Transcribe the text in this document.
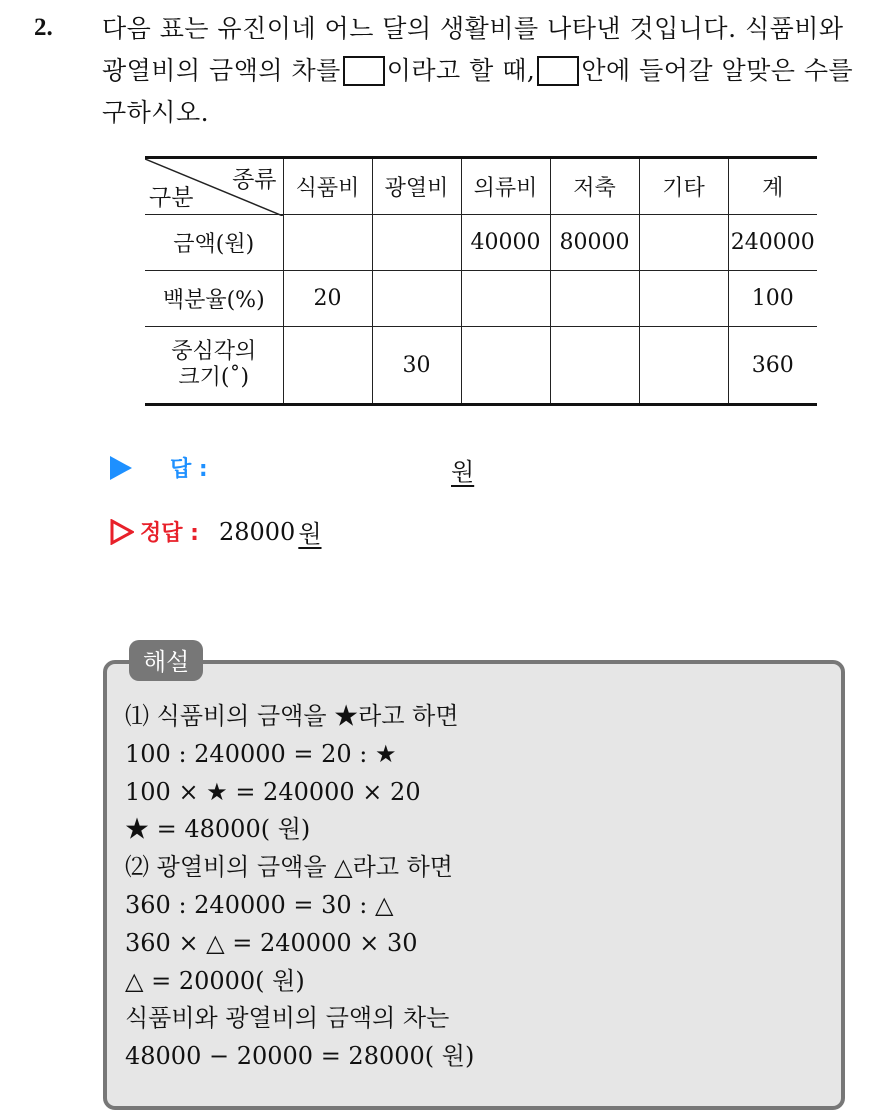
2. 다음 표는 유진이네 어느 달의 생활비를 나타낸 것입니다. 식품비와 광열비의 금액의 차를 이라고 할 때, 안에 들어갈 알맞은 수를 구하시오.
종류
구분	식품비	광열비	의류비	저축	기타	계
금액(원)			40000	80000		240000
백분율(%)	20					100

중심각의
크기(˚)		30				360
답 :	원
정답 : 28000 원
해설
⑴ 식품비의 금액을 ★라고 하면
100 : 240000 = 20 : ★
100 × ★ = 240000 × 20
★ = 48000( 원)
⑵ 광열비의 금액을 △라고 하면
360 : 240000 = 30 : △
360 × △ = 240000 × 30
△ = 20000( 원)
식품비와 광열비의 금액의 차는
48000 − 20000 = 28000( 원)
